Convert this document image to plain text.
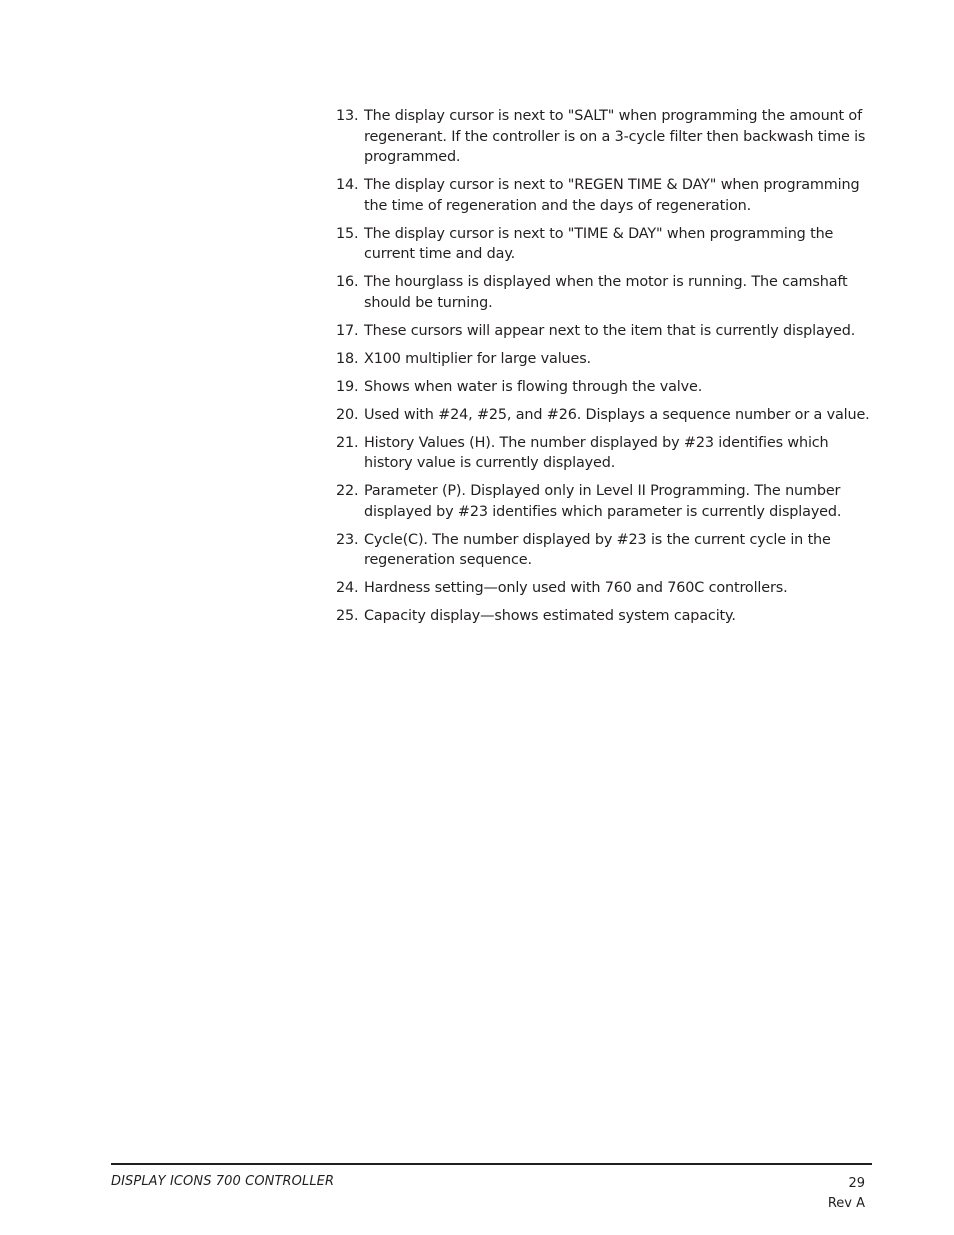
13. The display cursor is next to "SALT" when programming the amount of regenerant. If the controller is on a 3-cycle filter then backwash time is programmed.
14. The display cursor is next to "REGEN TIME & DAY" when programming the time of regeneration and the days of regeneration.
15. The display cursor is next to "TIME & DAY" when programming the current time and day.
16. The hourglass is displayed when the motor is running. The camshaft should be turning.
17. These cursors will appear next to the item that is currently displayed.
18. X100 multiplier for large values.
19. Shows when water is flowing through the valve.
20. Used with #24, #25, and #26. Displays a sequence number or a value.
21. History Values (H). The number displayed by #23 identifies which history value is currently displayed.
22. Parameter (P). Displayed only in Level II Programming. The number displayed by #23 identifies which parameter is currently displayed.
23. Cycle(C). The number displayed by #23 is the current cycle in the regeneration sequence.
24. Hardness setting—only used with 760 and 760C controllers.
25. Capacity display—shows estimated system capacity.
DISPLAY ICONS 700 CONTROLLER	29
Rev A
